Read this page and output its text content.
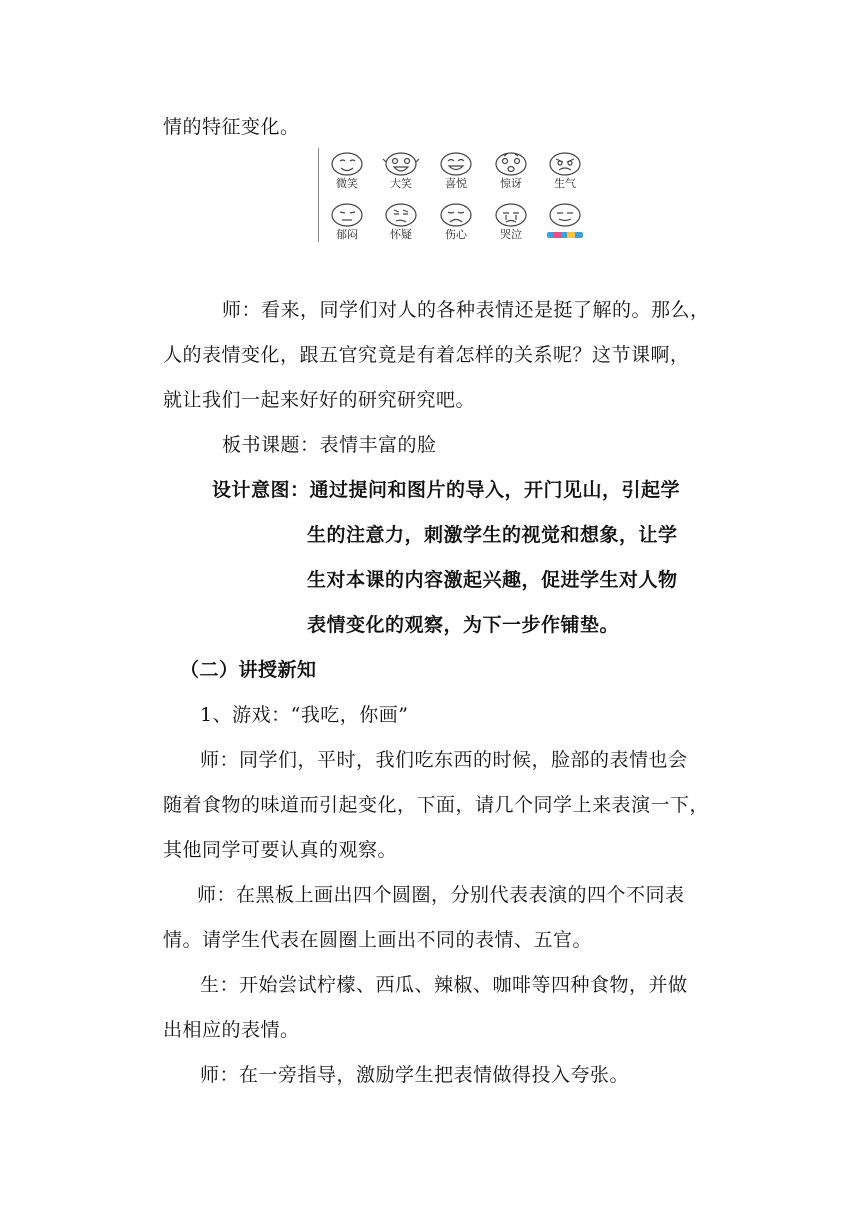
情的特征变化。
微笑	大笑	喜悦	惊讶	生气
郁闷	怀疑	伤心	哭泣
师：看来，同学们对人的各种表情还是挺了解的。那么，
人的表情变化，跟五官究竟是有着怎样的关系呢？这节课啊，
就让我们一起来好好的研究研究吧。
板书课题：表情丰富的脸
设计意图：通过提问和图片的导入，开门见山，引起学
生的注意力，刺激学生的视觉和想象，让学
生对本课的内容激起兴趣，促进学生对人物
表情变化的观察，为下一步作铺垫。
（二）讲授新知
1、游戏：“我吃，你画”
师：同学们，平时，我们吃东西的时候，脸部的表情也会
随着食物的味道而引起变化，下面，请几个同学上来表演一下，
其他同学可要认真的观察。
师：在黑板上画出四个圆圈，分别代表表演的四个不同表
情。请学生代表在圆圈上画出不同的表情、五官。
生：开始尝试柠檬、西瓜、辣椒、咖啡等四种食物，并做
出相应的表情。
师：在一旁指导，激励学生把表情做得投入夸张。
